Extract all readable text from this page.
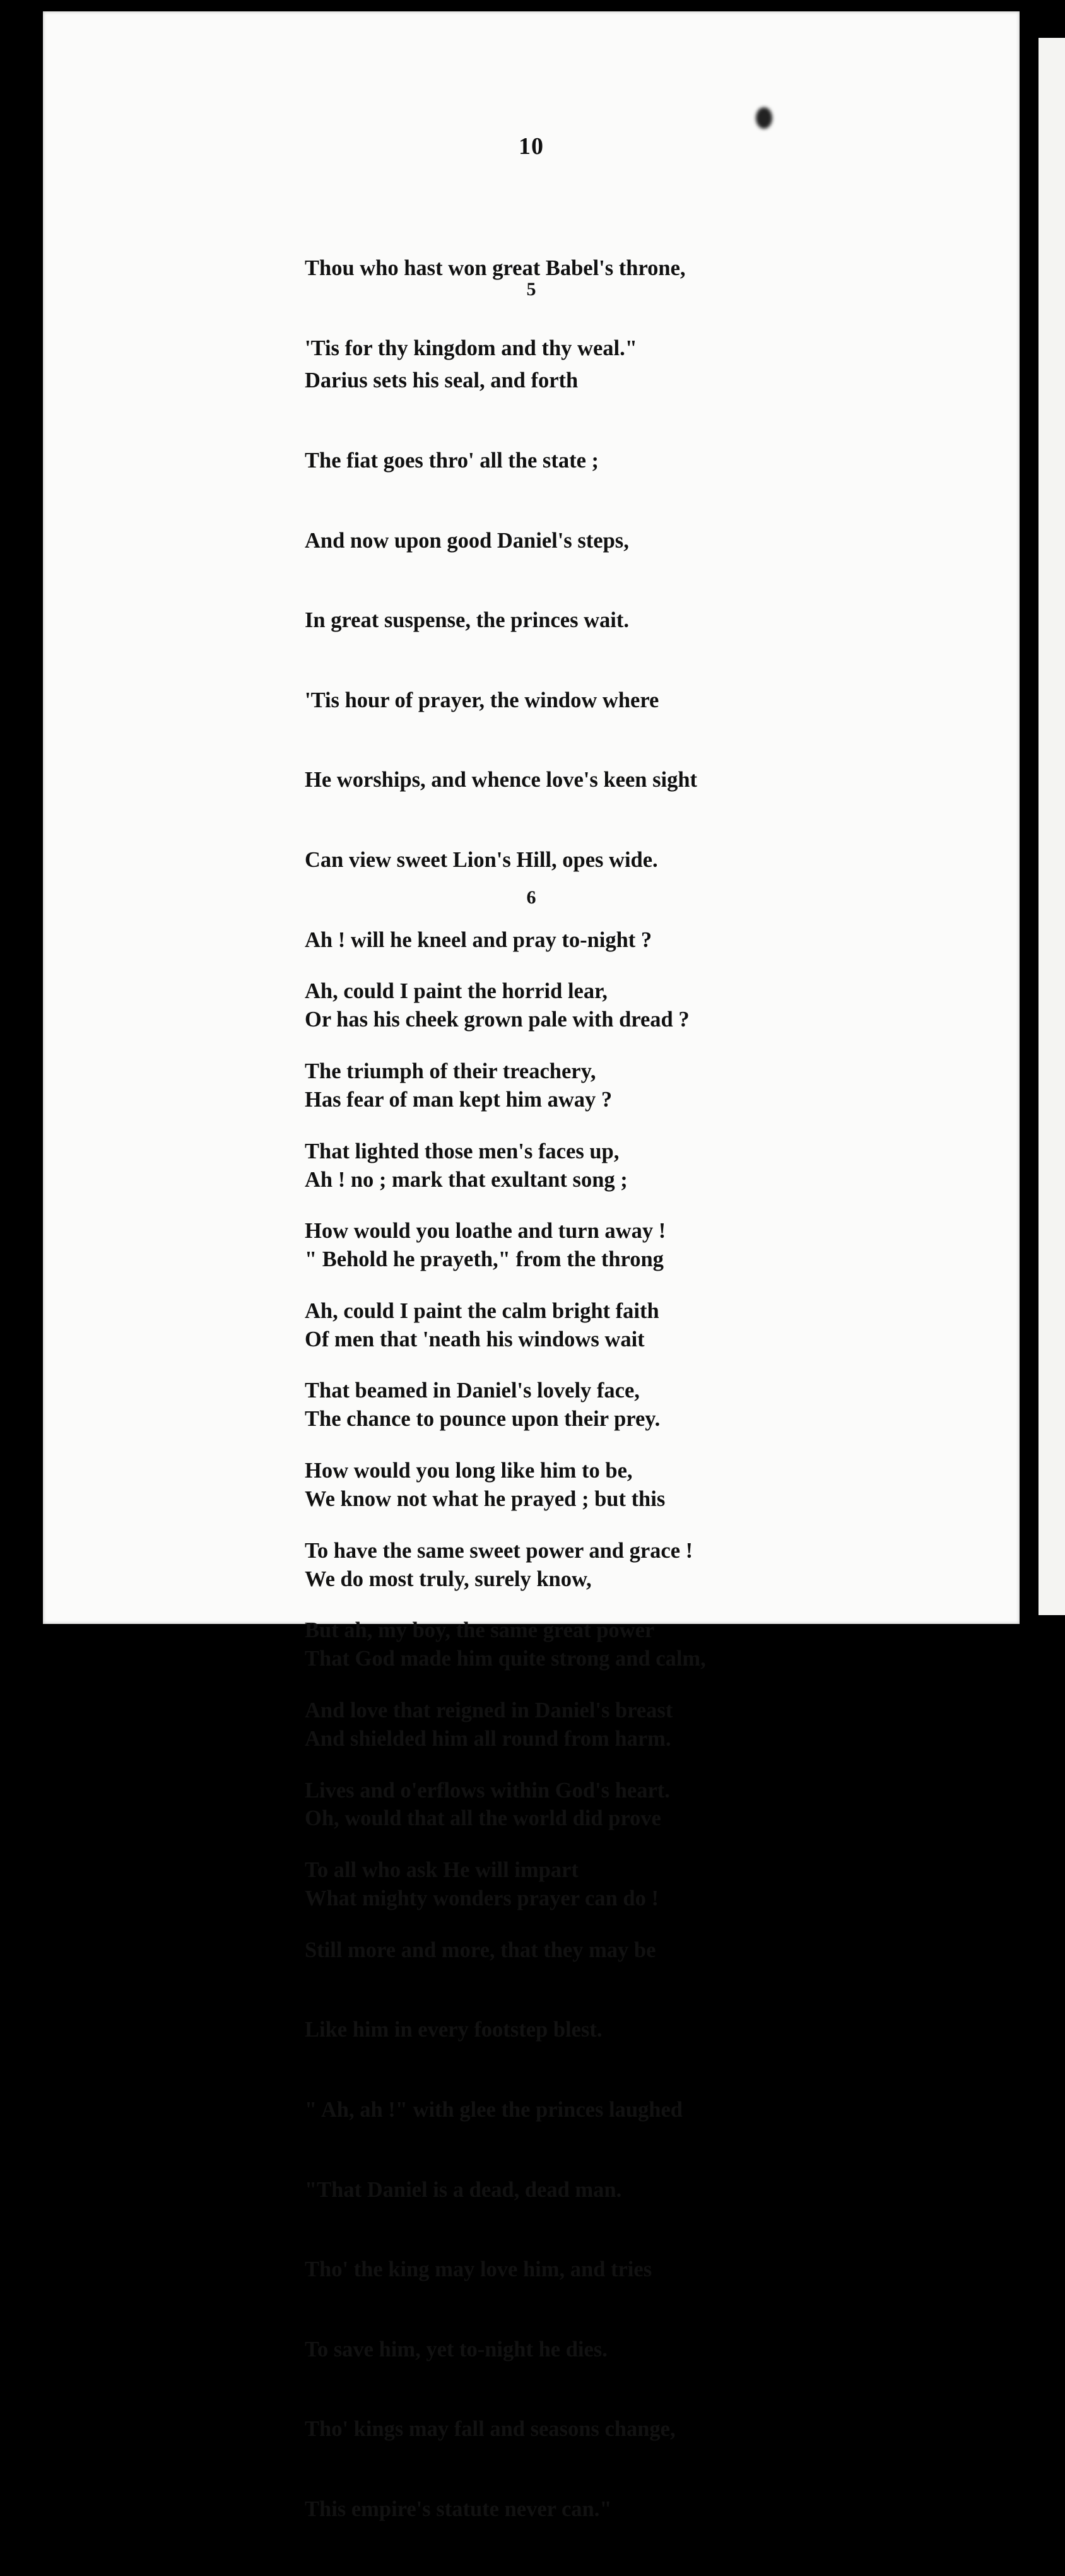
10

Thou who hast won great Babel's throne,

'Tis for thy kingdom and thy weal."

5

Darius sets his seal, and forth

The fiat goes thro' all the state ;

And now upon good Daniel's steps,

In great suspense, the princes wait.

'Tis hour of prayer, the window where

He worships, and whence love's keen sight

Can view sweet Lion's Hill, opes wide.

Ah ! will he kneel and pray to-night ?

Or has his cheek grown pale with dread ?

Has fear of man kept him away ?

Ah ! no ; mark that exultant song ;

" Behold he prayeth," from the throng

Of men that 'neath his windows wait

The chance to pounce upon their prey.

We know not what he prayed ; but this

We do most truly, surely know,

That God made him quite strong and calm,

And shielded him all round from harm.

Oh, would that all the world did prove

What mighty wonders prayer can do !

6

Ah, could I paint the horrid lear,

The triumph of their treachery,

That lighted those men's faces up,

How would you loathe and turn away !

Ah, could I paint the calm bright faith

That beamed in Daniel's lovely face,

How would you long like him to be,

To have the same sweet power and grace !

But ah, my boy, the same great power

And love that reigned in Daniel's breast

Lives and o'erflows within God's heart.

To all who ask He will impart

Still more and more, that they may be

Like him in every footstep blest.

" Ah, ah !" with glee the princes laughed

"That Daniel is a dead, dead man.

Tho' the king may love him, and tries

To save him, yet to-night he dies.

Tho' kings may fall and seasons change,

This empire's statute never can."
